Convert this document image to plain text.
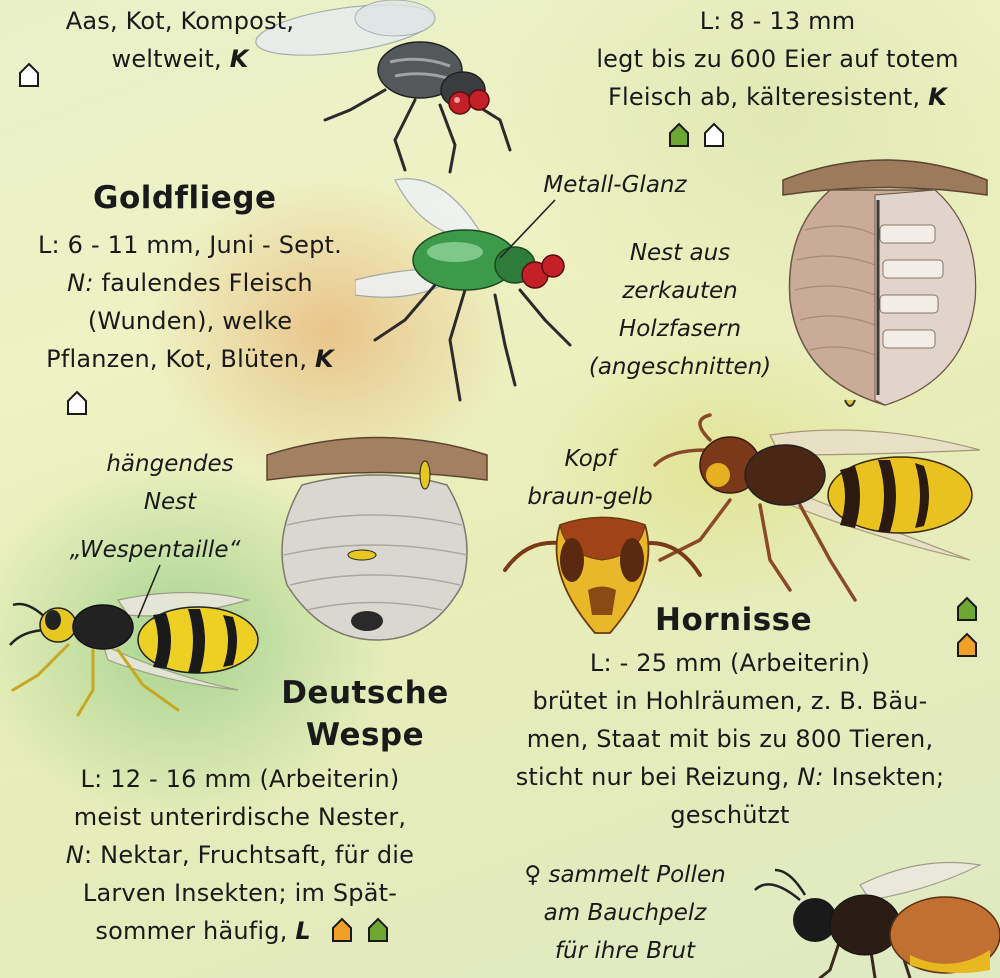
Aas, Kot, Kompost,
weltweit, K
L: 8 - 13 mm
legt bis zu 600 Eier auf totem
Fleisch ab, kälteresistent, K

Metall-Glanz
Goldfliege
L: 6 - 11 mm, Juni - Sept.
N: faulendes Fleisch
(Wunden), welke
Pflanzen, Kot, Blüten, K
Nest aus
zerkauten
Holzfasern
(angeschnitten)
hängendes
Nest
„Wespentaille“
Kopf
braun-gelb
Hornisse

L: - 25 mm (Arbeiterin)
brütet in Hohlräumen, z. B. Bäu-
men, Staat mit bis zu 800 Tieren,
sticht nur bei Reizung, N: Insekten;
geschützt
Deutsche
Wespe
L: 12 - 16 mm (Arbeiterin)
meist unterirdische Nester,
N: Nektar, Fruchtsaft, für die
Larven Insekten; im Spät-
sommer häufig, L

♀ sammelt Pollen
am Bauchpelz
für ihre Brut
